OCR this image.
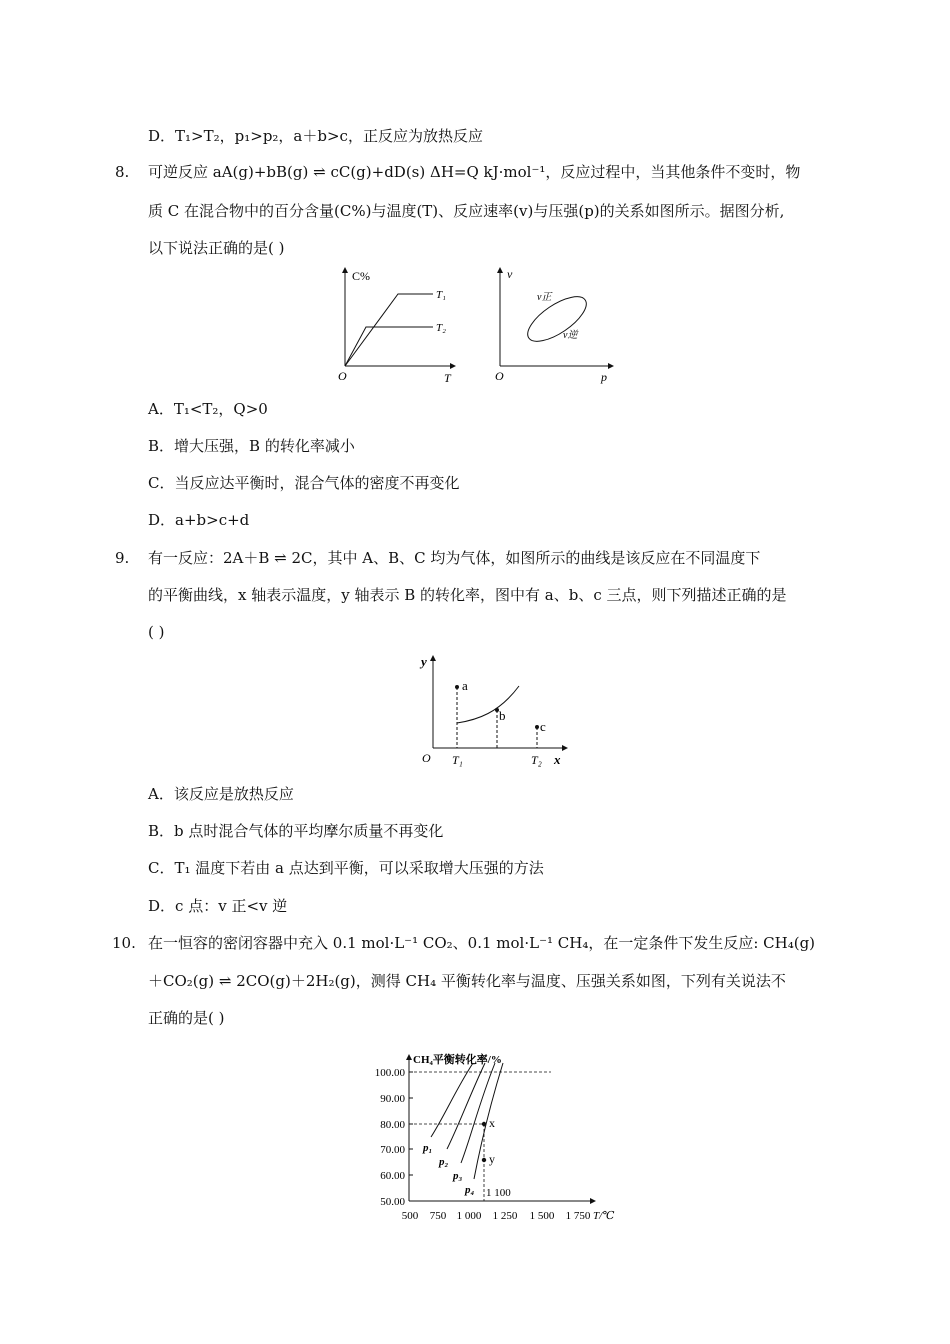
D．T₁>T₂，p₁>p₂，a＋b>c，正反应为放热反应
8. 可逆反应 aA(g)+bB(g) ⇌ cC(g)+dD(s) ΔH=Q kJ·mol⁻¹，反应过程中，当其他条件不变时，物
质 C 在混合物中的百分含量(C%)与温度(T)、反应速率(v)与压强(p)的关系如图所示。据图分析,
以下说法正确的是( )
C%
T
O
T₁
T₂
v
p
O
v正
v逆
A．T₁<T₂，Q>0
B．增大压强，B 的转化率减小
C．当反应达平衡时，混合气体的密度不再变化
D．a+b>c+d
9. 有一反应：2A＋B ⇌ 2C，其中 A、B、C 均为气体，如图所示的曲线是该反应在不同温度下
的平衡曲线，x 轴表示温度，y 轴表示 B 的转化率，图中有 a、b、c 三点，则下列描述正确的是
( )
a
b
c
y
x
O T₁	T₂
A．该反应是放热反应
B．b 点时混合气体的平均摩尔质量不再变化
C．T₁ 温度下若由 a 点达到平衡，可以采取增大压强的方法
D．c 点：v 正<v 逆
10. 在一恒容的密闭容器中充入 0.1 mol·L⁻¹ CO₂、0.1 mol·L⁻¹ CH₄，在一定条件下发生反应: CH₄(g)
＋CO₂(g) ⇌ 2CO(g)＋2H₂(g)，测得 CH₄ 平衡转化率与温度、压强关系如图，下列有关说法不
正确的是( )
100.00
90.00
80.00
70.00
60.00
50.00
500 750 1 000 1 250 1 500 1 750 T/℃
CH₄平衡转化率/%
x
y
p₁
p₂
p₃
p₄ 1 100
